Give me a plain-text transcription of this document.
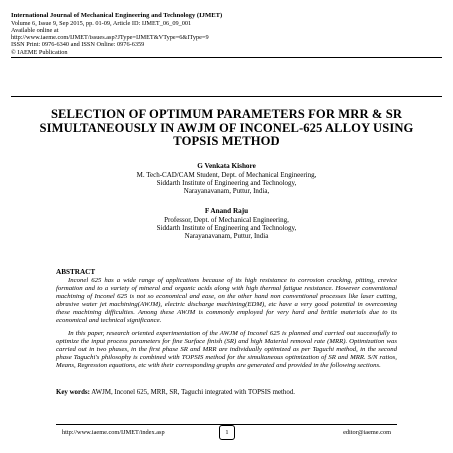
International Journal of Mechanical Engineering and Technology (IJMET)
Volume 6, Issue 9, Sep 2015, pp. 01-09, Article ID: IJMET_06_09_001
Available online at
http://www.iaeme.com/IJMET/issues.asp?JType=IJMET&VType=6&IType=9
ISSN Print: 0976-6340 and ISSN Online: 0976-6359
© IAEME Publication
SELECTION OF OPTIMUM PARAMETERS FOR MRR & SR SIMULTANEOUSLY IN AWJM OF INCONEL-625 ALLOY USING TOPSIS METHOD
G Venkata Kishore
M. Tech-CAD/CAM Student, Dept. of Mechanical Engineering,
Siddarth Institute of Engineering and Technology,
Narayanavanam, Puttur, India,
F Anand Raju
Professor, Dept. of Mechanical Engineering,
Siddarth Institute of Engineering and Technology,
Narayanavanam, Puttur, India
ABSTRACT

Inconel 625 has a wide range of applications because of its high resistance to corrosion cracking, pitting, crevice formation and to a variety of mineral and organic acids along with high thermal fatigue resistance. However conventional machining of Inconel 625 is not so economical and ease, on the other hand non conventional processes like laser cutting, abrasive water jet machining(AWJM), electric discharge machining(EDM), etc have a very good potential in overcoming these machining difficulties. Among these AWJM is commonly employed for very hard and brittle materials due to its economical and technical significance.

In this paper, research oriented experimentation of the AWJM of Inconel 625 is planned and carried out successfully to optimize the input process parameters for fine Surface finish (SR) and high Material removal rate (MRR). Optimization was carried out in two phases, in the first phase SR and MRR are individually optimized as per Taguchi method, in the second phase Taguchi's philosophy is combined with TOPSIS method for the simultaneous optimization of SR and MRR. S/N ratios, Means, Regression equations, etc with their corresponding graphs are generated and provided in the following sections.

Key words: AWJM, Inconel 625, MRR, SR, Taguchi integrated with TOPSIS method.
http://www.iaeme.com/IJMET/index.asp	1	editor@iaeme.com
